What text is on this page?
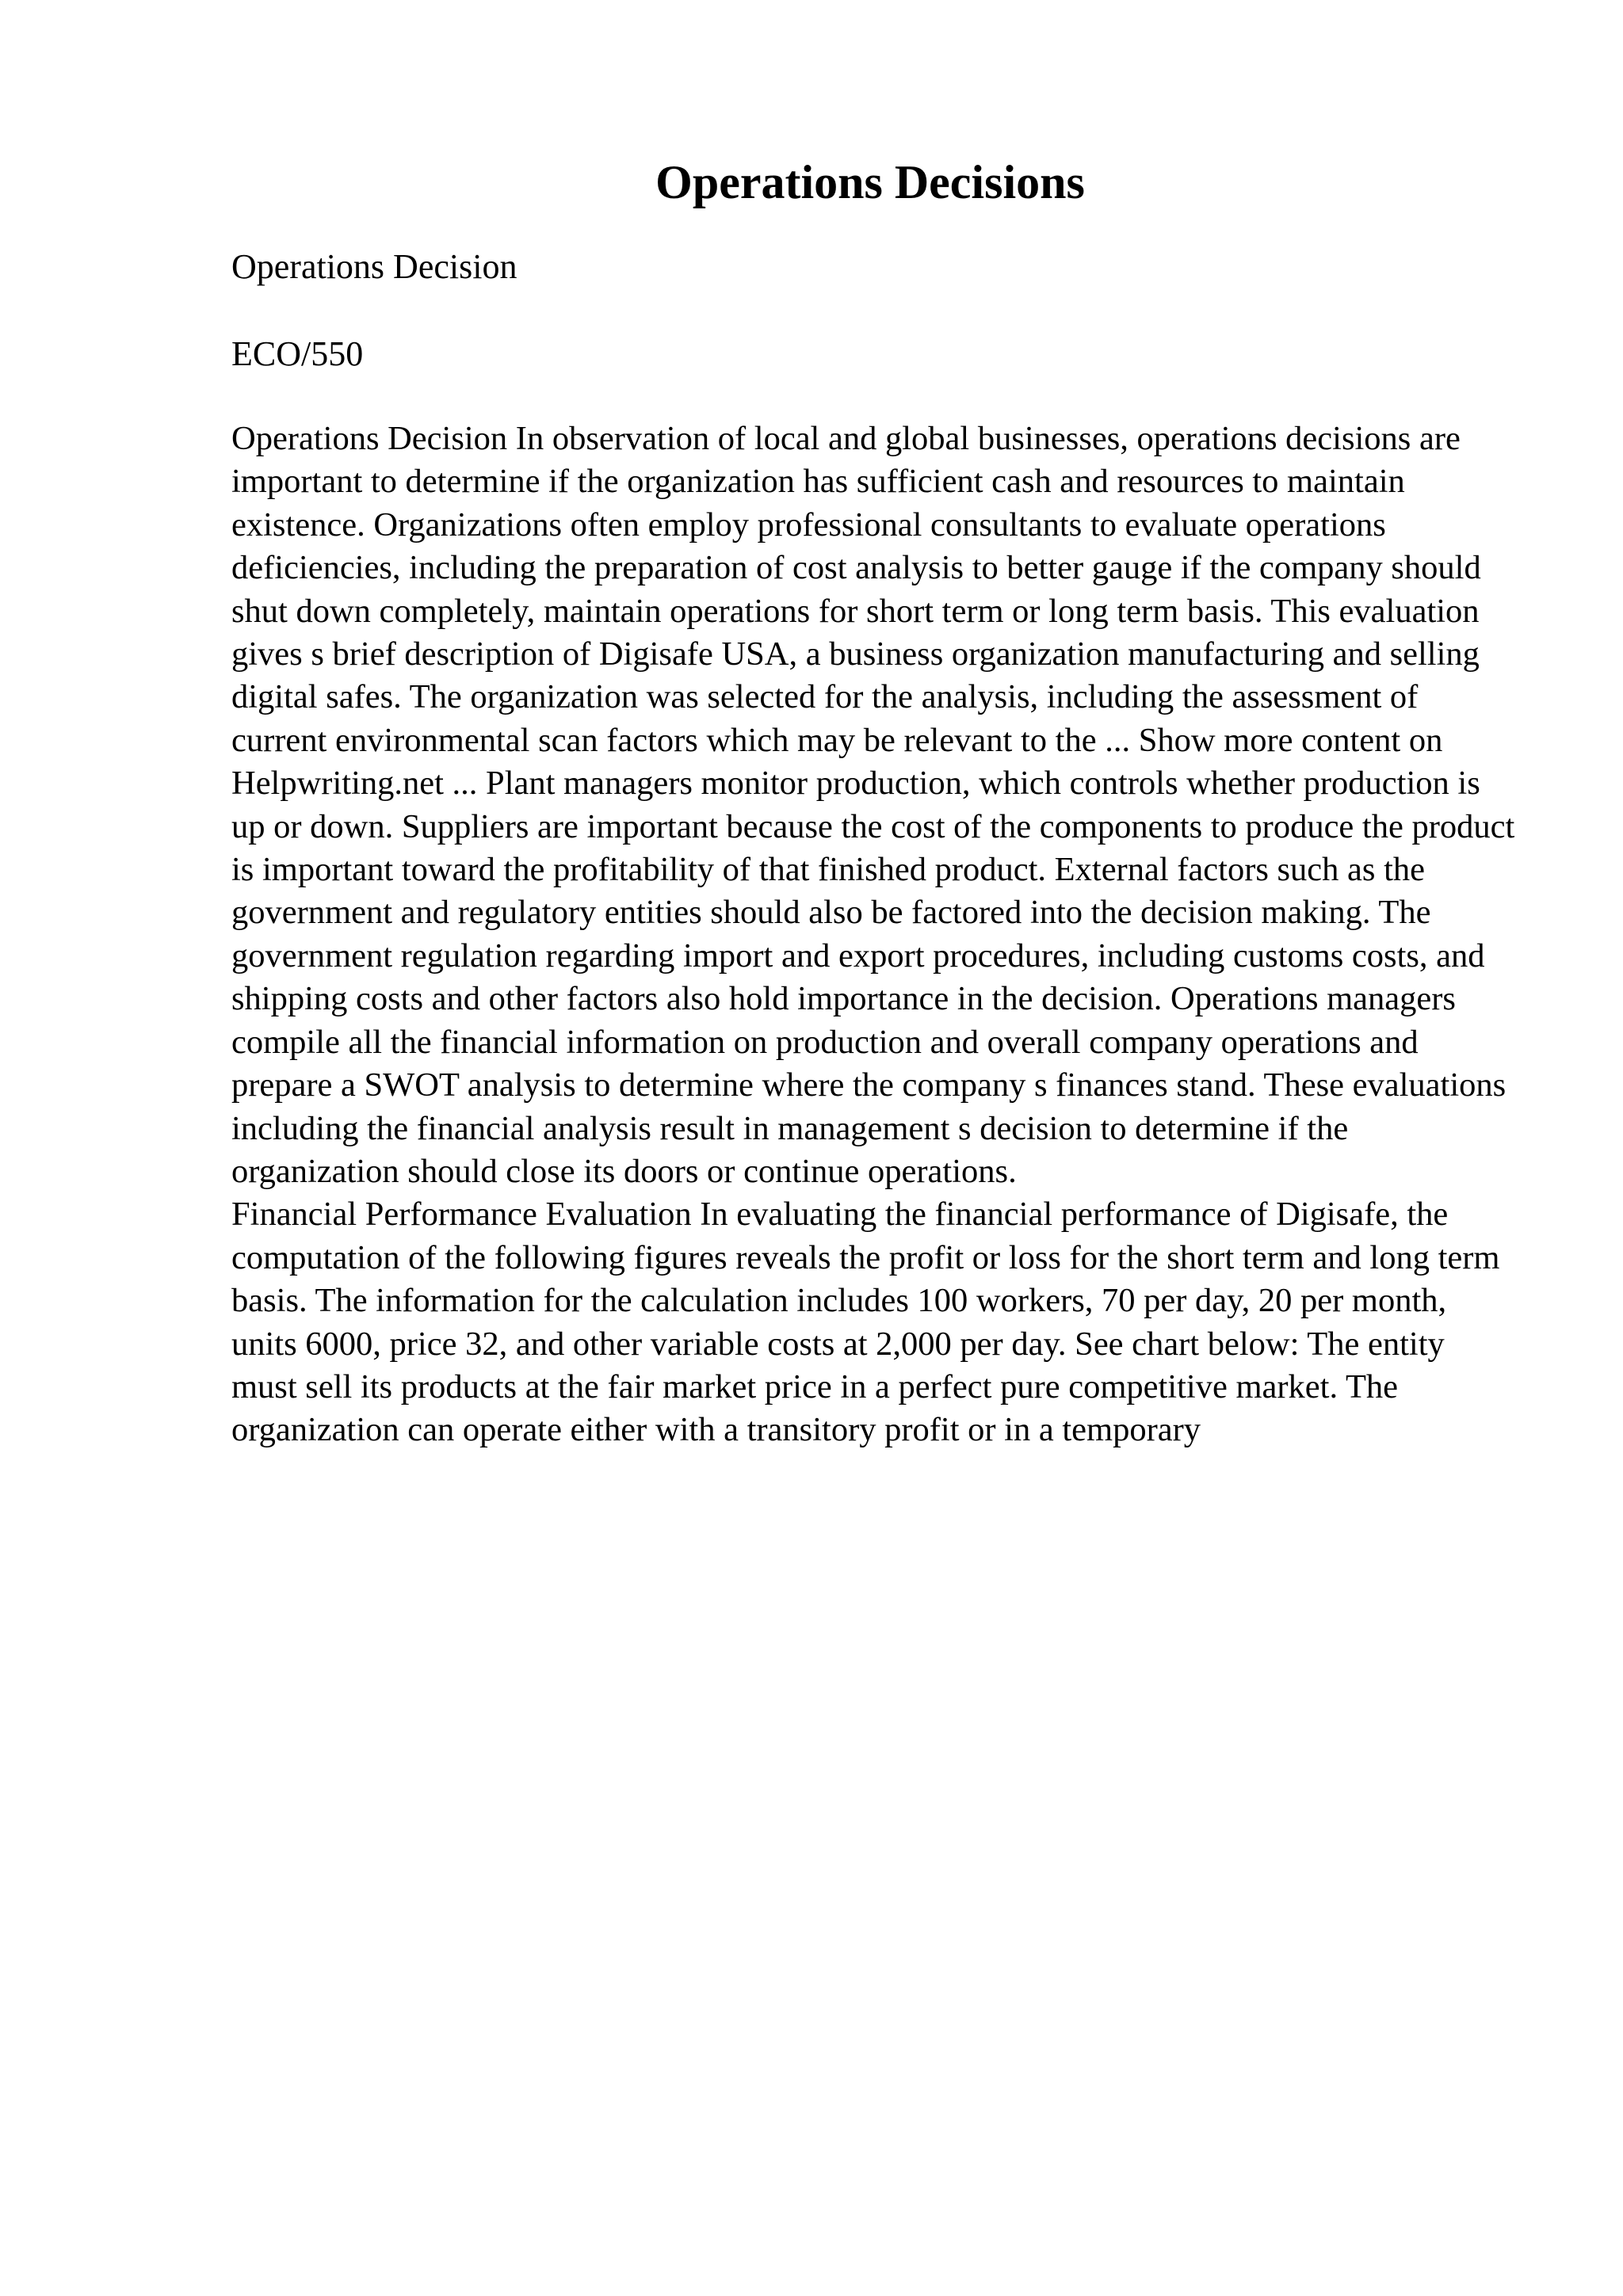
Operations Decisions

Operations Decision

ECO/550

Operations Decision In observation of local and global businesses, operations decisions are important to determine if the organization has sufficient cash and resources to maintain existence. Organizations often employ professional consultants to evaluate operations deficiencies, including the preparation of cost analysis to better gauge if the company should shut down completely, maintain operations for short term or long term basis. This evaluation gives s brief description of Digisafe USA, a business organization manufacturing and selling digital safes. The organization was selected for the analysis, including the assessment of current environmental scan factors which may be relevant to the ... Show more content on Helpwriting.net ... Plant managers monitor production, which controls whether production is up or down. Suppliers are important because the cost of the components to produce the product is important toward the profitability of that finished product. External factors such as the government and regulatory entities should also be factored into the decision making. The government regulation regarding import and export procedures, including customs costs, and shipping costs and other factors also hold importance in the decision. Operations managers compile all the financial information on production and overall company operations and prepare a SWOT analysis to determine where the company s finances stand. These evaluations including the financial analysis result in management s decision to determine if the organization should close its doors or continue operations.

Financial Performance Evaluation In evaluating the financial performance of Digisafe, the computation of the following figures reveals the profit or loss for the short term and long term basis. The information for the calculation includes 100 workers, 70 per day, 20 per month, units 6000, price 32, and other variable costs at 2,000 per day. See chart below: The entity must sell its products at the fair market price in a perfect pure competitive market. The organization can operate either with a transitory profit or in a temporary
